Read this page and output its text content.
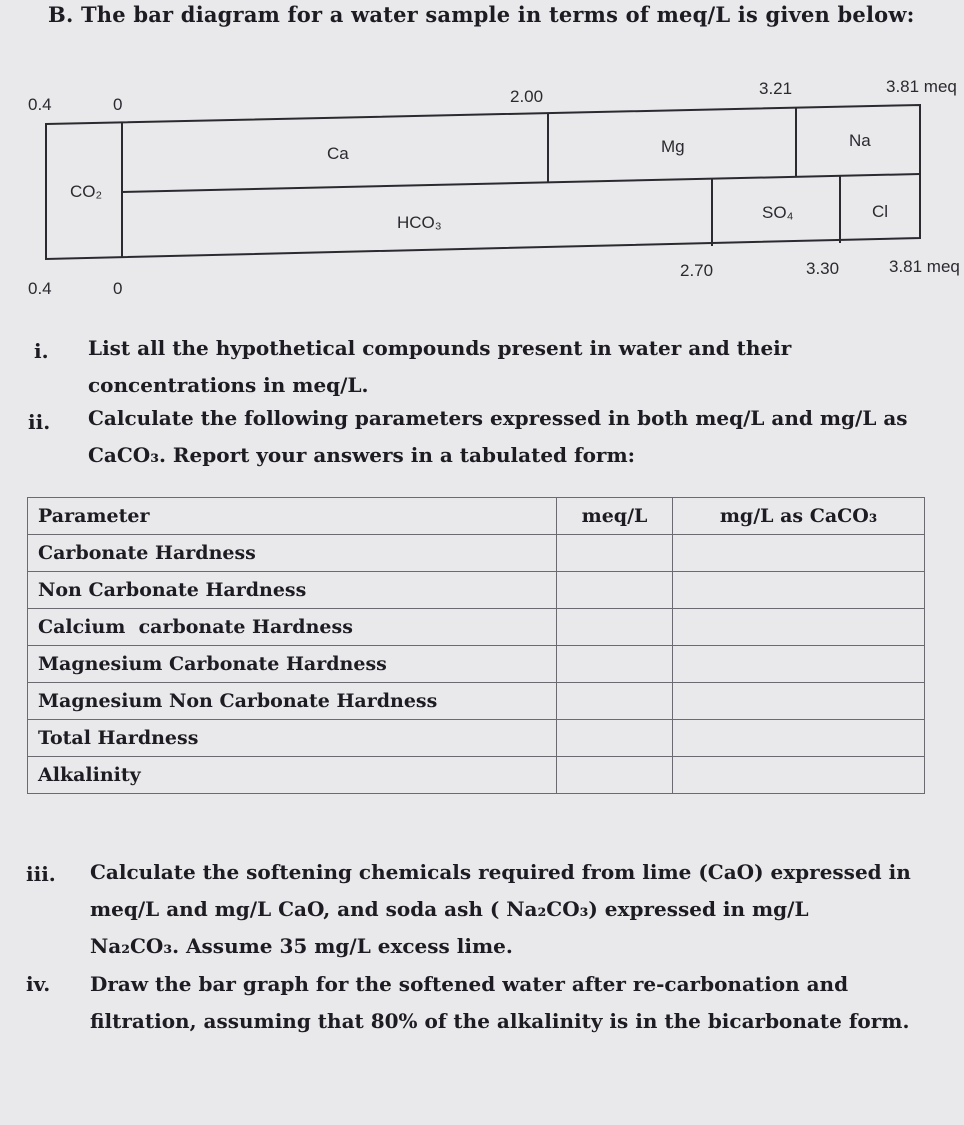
B. The bar diagram for a water sample in terms of meq/L is given below:
0.4	0	2.00	3.21	3.81 meq
Ca	Mg	Na
CO₂
HCO₃
SO₄	Cl
0.4	0
2.70	3.30	3.81 meq
i.	List all the hypothetical compounds present in water and their
concentrations in meq/L.
ii.	Calculate the following parameters expressed in both meq/L and mg/L as
CaCO₃. Report your answers in a tabulated form:
Parameter	meq/L	mg/L as CaCO₃
Carbonate Hardness		
Non Carbonate Hardness		
Calcium  carbonate Hardness		
Magnesium Carbonate Hardness		
Magnesium Non Carbonate Hardness		
Total Hardness		
Alkalinity		
iii.	Calculate the softening chemicals required from lime (CaO) expressed in
meq/L and mg/L CaO, and soda ash ( Na₂CO₃) expressed in mg/L
Na₂CO₃. Assume 35 mg/L excess lime.
iv.	Draw the bar graph for the softened water after re-carbonation and
filtration, assuming that 80% of the alkalinity is in the bicarbonate form.
